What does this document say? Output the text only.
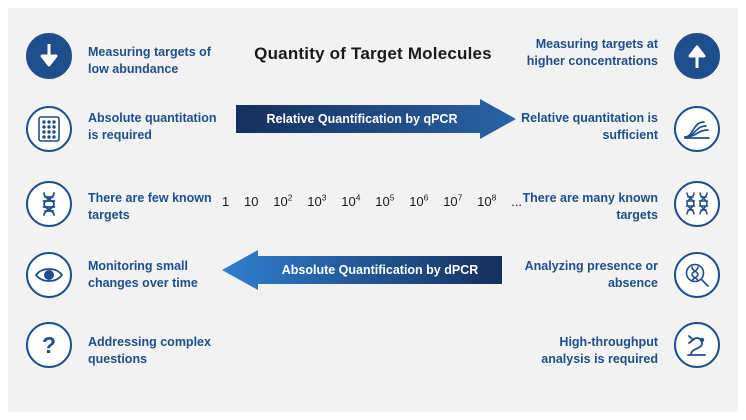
Quantity of Target Molecules
Measuring targets of low abundance
Absolute quantitation is required
There are few known targets
Monitoring small changes over time
?	Addressing complex questions
Measuring targets at higher concentrations
Relative quantitation is sufficient
There are many known targets
Analyzing presence or absence
High-throughput analysis is required
Relative Quantification by qPCR
Absolute Quantification by dPCR
1 10 $10^2$ $10^3$ $10^4$ $10^5$ $10^6$ $10^7$ $10^8$ ...
